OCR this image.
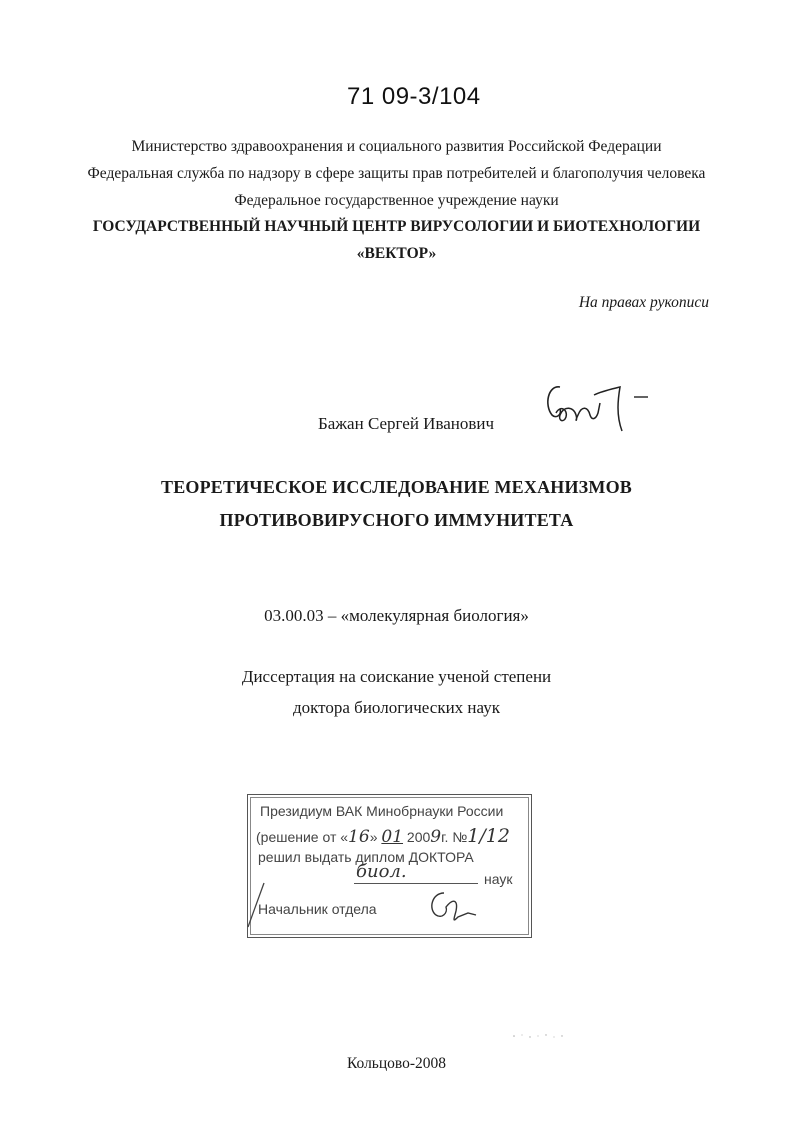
71 09-3/104
Министерство здравоохранения и социального развития Российской Федерации
Федеральная служба по надзору в сфере защиты прав потребителей и благополучия человека
Федеральное государственное учреждение науки
ГОСУДАРСТВЕННЫЙ НАУЧНЫЙ ЦЕНТР ВИРУСОЛОГИИ И БИОТЕХНОЛОГИИ
«ВЕКТОР»
На правах рукописи
Бажан Сергей Иванович
ТЕОРЕТИЧЕСКОЕ ИССЛЕДОВАНИЕ МЕХАНИЗМОВ
ПРОТИВОВИРУСНОГО ИММУНИТЕТА
03.00.03 – «молекулярная биология»
Диссертация на соискание ученой степени
доктора биологических наук
Президиум ВАК Минобрнауки России
(решение от «16» 01 2009г. №1/12
решил выдать диплом ДОКТОРА
биол.	наук
Начальник отдела
Кольцово-2008
